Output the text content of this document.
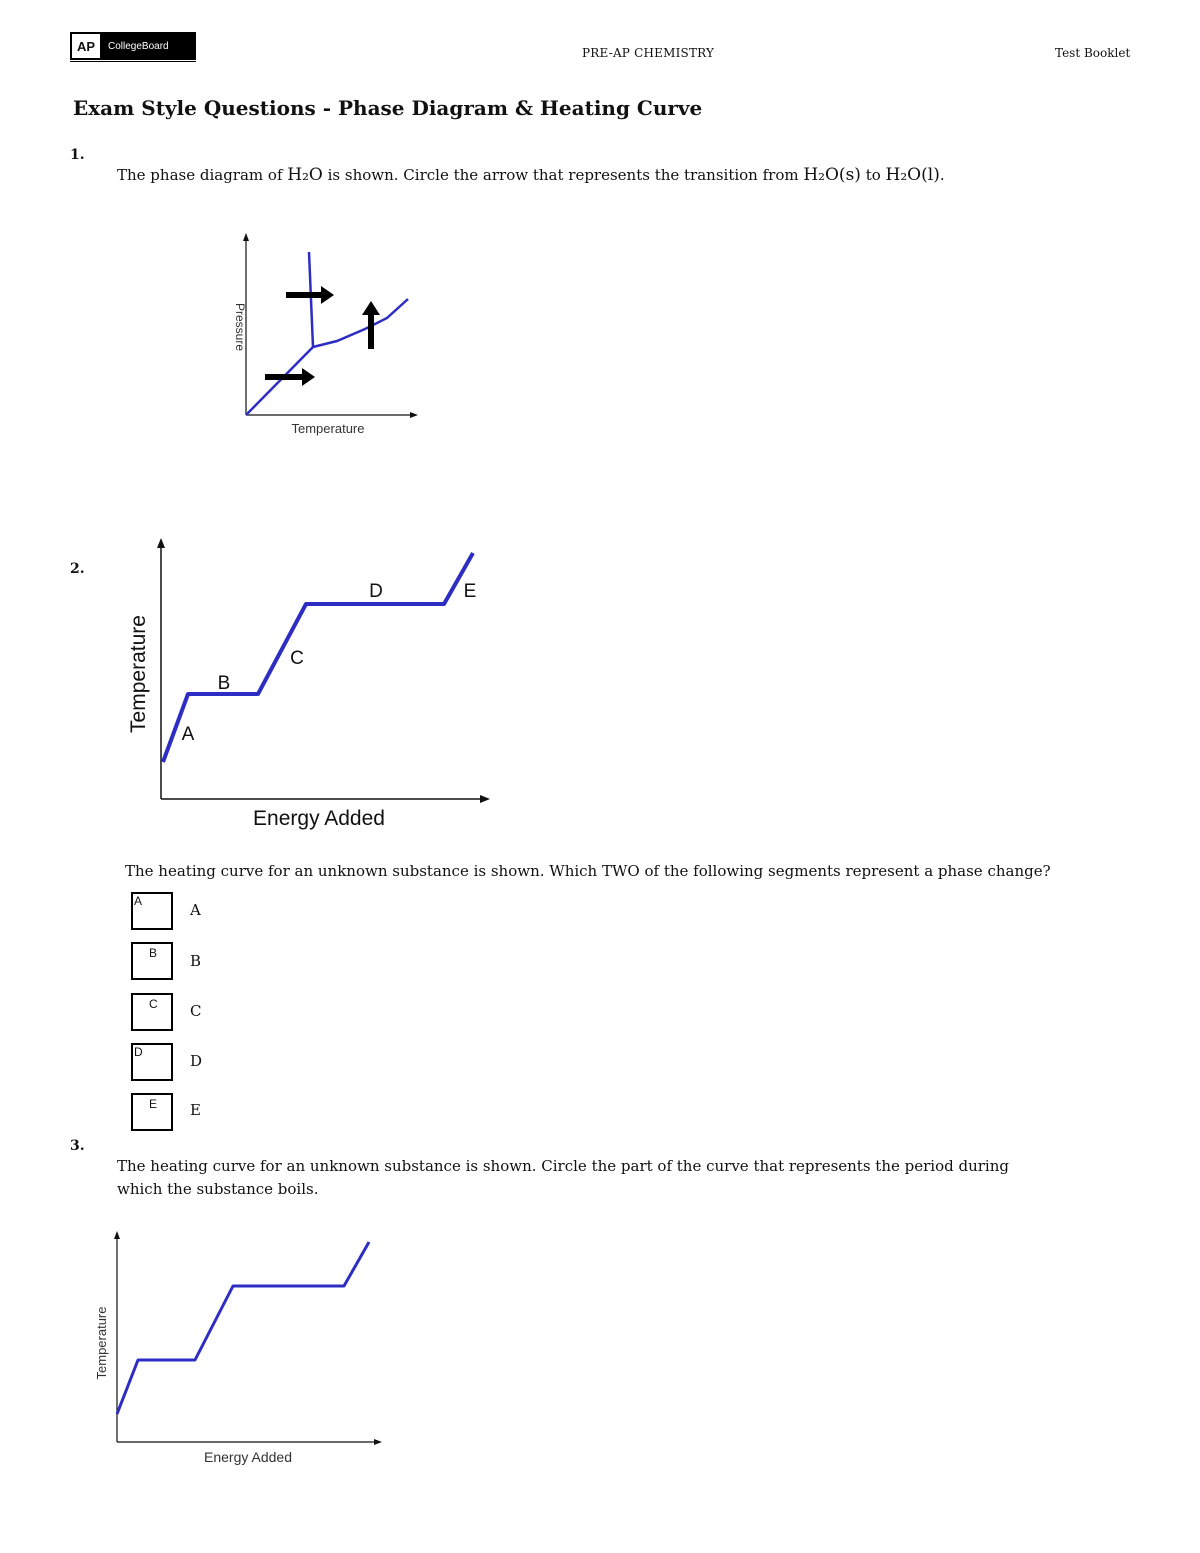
AP	CollegeBoard	PRE-AP CHEMISTRY	Test Booklet
Exam Style Questions - Phase Diagram & Heating Curve
1.
The phase diagram of H₂O is shown. Circle the arrow that represents the transition from H₂O(s) to H₂O(l).
Temperature
Pressure
2.
A
B
C
D	E
Energy Added
Temperature
The heating curve for an unknown substance is shown. Which TWO of the following segments represent a phase change?
A	A
B	B
C	C
D	D
E	E
3.
The heating curve for an unknown substance is shown. Circle the part of the curve that represents the period during
which the substance boils.
Energy Added
Temperature
